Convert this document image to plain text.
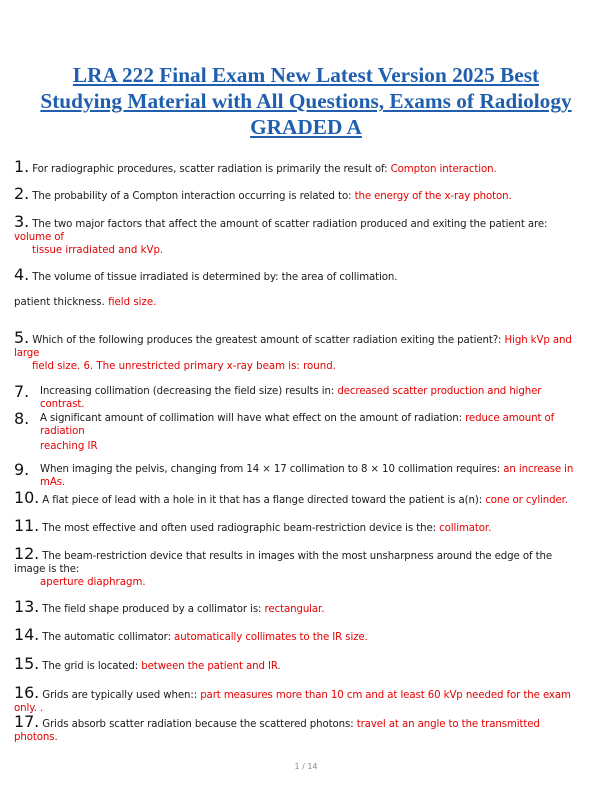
LRA 222 Final Exam New Latest Version 2025 Best
Studying Material with All Questions, Exams of Radiology
GRADED A
1. For radiographic procedures, scatter radiation is primarily the result of: Compton interaction.
2. The probability of a Compton interaction occurring is related to: the energy of the x-ray photon.
3. The two major factors that affect the amount of scatter radiation produced and exiting the patient are: volume of
tissue irradiated and kVp.
4. The volume of tissue irradiated is determined by: the area of collimation.
patient thickness. field size.
5. Which of the following produces the greatest amount of scatter radiation exiting the patient?: High kVp and large
field size. 6. The unrestricted primary x-ray beam is: round.
7. Increasing collimation (decreasing the field size) results in: decreased scatter production and higher contrast.
8. A significant amount of collimation will have what effect on the amount of radiation: reduce amount of radiation
reaching IR
9. When imaging the pelvis, changing from 14 × 17 collimation to 8 × 10 collimation requires: an increase in mAs.
10. A flat piece of lead with a hole in it that has a flange directed toward the patient is a(n): cone or cylinder.
11. The most effective and often used radiographic beam-restriction device is the: collimator.
12. The beam-restriction device that results in images with the most unsharpness around the edge of the image is the:
aperture diaphragm.
13. The field shape produced by a collimator is: rectangular.
14. The automatic collimator: automatically collimates to the IR size.
15. The grid is located: between the patient and IR.
16. Grids are typically used when:: part measures more than 10 cm and at least 60 kVp needed for the exam only. .
17. Grids absorb scatter radiation because the scattered photons: travel at an angle to the transmitted photons.
1 / 14
